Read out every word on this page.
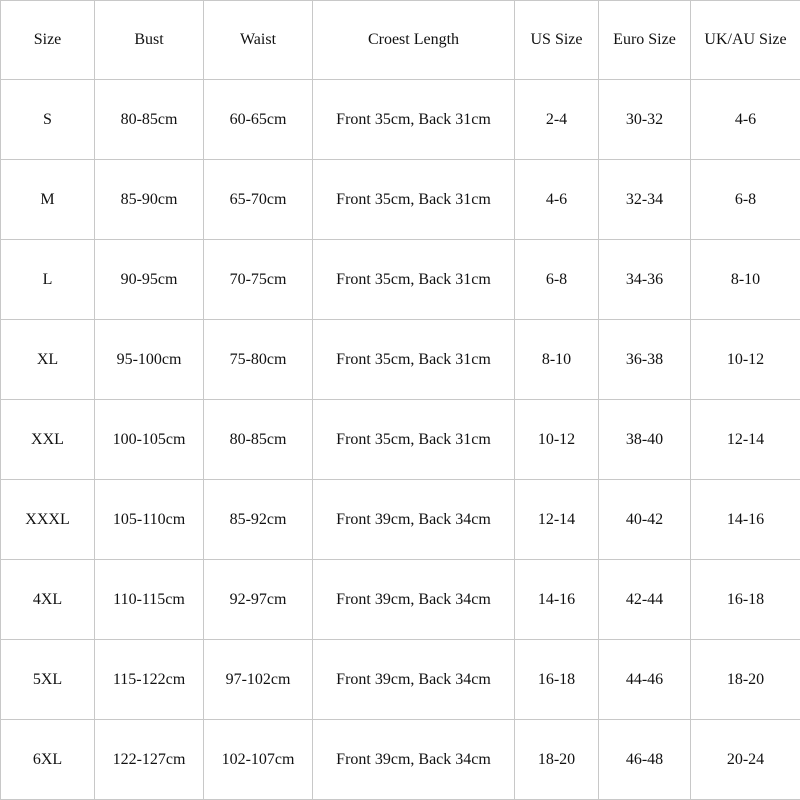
Size	Bust	Waist	Croest Length	US Size	Euro Size	UK/AU Size
S	80-85cm	60-65cm	Front 35cm, Back 31cm	2-4	30-32	4-6
M	85-90cm	65-70cm	Front 35cm, Back 31cm	4-6	32-34	6-8
L	90-95cm	70-75cm	Front 35cm, Back 31cm	6-8	34-36	8-10
XL	95-100cm	75-80cm	Front 35cm, Back 31cm	8-10	36-38	10-12
XXL	100-105cm	80-85cm	Front 35cm, Back 31cm	10-12	38-40	12-14
XXXL	105-110cm	85-92cm	Front 39cm, Back 34cm	12-14	40-42	14-16
4XL	110-115cm	92-97cm	Front 39cm, Back 34cm	14-16	42-44	16-18
5XL	115-122cm	97-102cm	Front 39cm, Back 34cm	16-18	44-46	18-20
6XL	122-127cm	102-107cm	Front 39cm, Back 34cm	18-20	46-48	20-24
